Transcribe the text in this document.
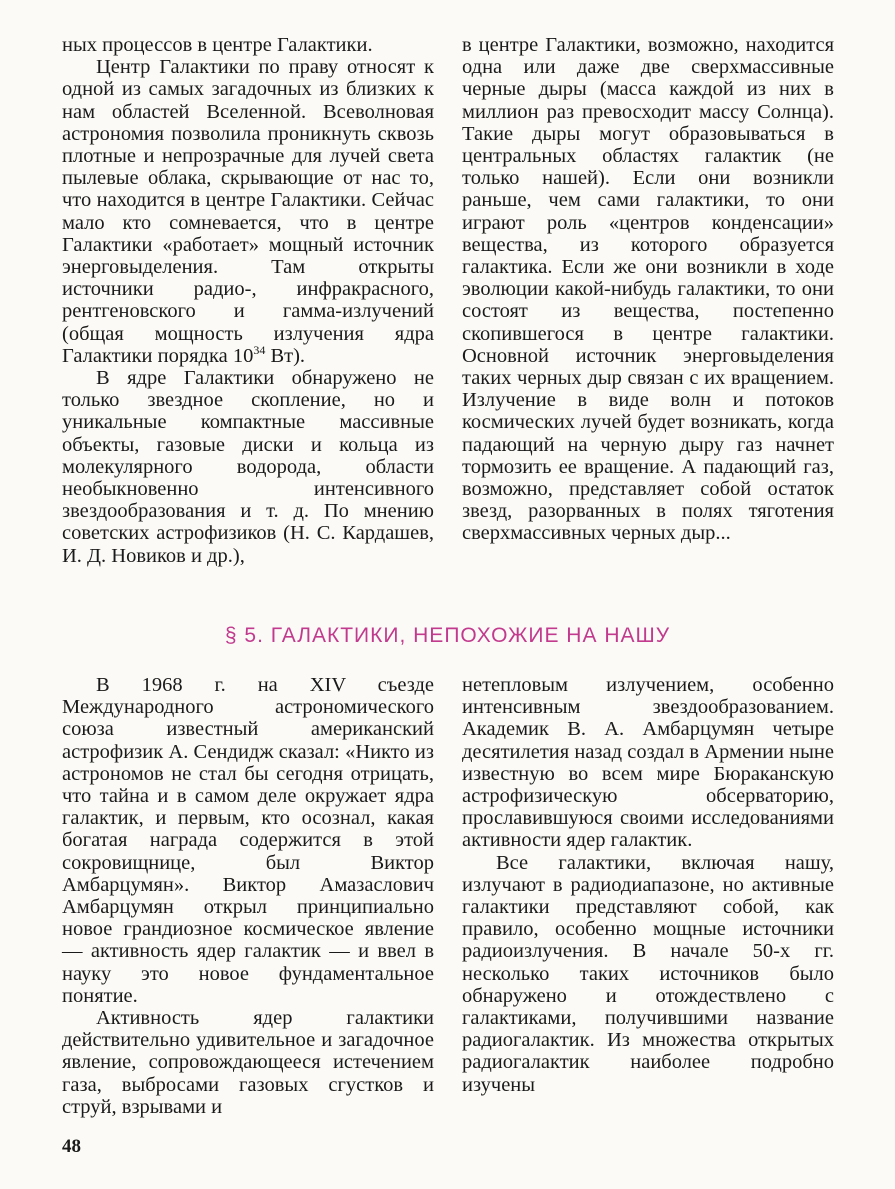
ных процессов в центре Галактики.

Центр Галактики по праву относят к одной из самых загадочных из близких к нам областей Вселенной. Всеволновая астрономия позволила проникнуть сквозь плотные и непрозрачные для лучей света пылевые облака, скрывающие от нас то, что находится в центре Галактики. Сейчас мало кто сомневается, что в центре Галактики «работает» мощный источник энерговыделения. Там открыты источники радио-, инфракрасного, рентгеновского и гамма-излучений (общая мощность излучения ядра Галактики порядка $10^{34}$ Вт).

В ядре Галактики обнаружено не только звездное скопление, но и уникальные компактные массивные объекты, газовые диски и кольца из молекулярного водорода, области необыкновенно интенсивного звездообразования и т. д. По мнению советских астрофизиков (Н. С. Кардашев, И. Д. Новиков и др.),

в центре Галактики, возможно, находится одна или даже две сверхмассивные черные дыры (масса каждой из них в миллион раз превосходит массу Солнца). Такие дыры могут образовываться в центральных областях галактик (не только нашей). Если они возникли раньше, чем сами галактики, то они играют роль «центров конденсации» вещества, из которого образуется галактика. Если же они возникли в ходе эволюции какой-нибудь галактики, то они состоят из вещества, постепенно скопившегося в центре галактики. Основной источник энерговыделения таких черных дыр связан с их вращением. Излучение в виде волн и потоков космических лучей будет возникать, когда падающий на черную дыру газ начнет тормозить ее вращение. А падающий газ, возможно, представляет собой остаток звезд, разорванных в полях тяготения сверхмассивных черных дыр...

§ 5. ГАЛАКТИКИ, НЕПОХОЖИЕ НА НАШУ

В 1968 г. на XIV съезде Международного астрономического союза известный американский астрофизик А. Сендидж сказал: «Никто из астрономов не стал бы сегодня отрицать, что тайна и в самом деле окружает ядра галактик, и первым, кто осознал, какая богатая награда содержится в этой сокровищнице, был Виктор Амбарцумян». Виктор Амазаслович Амбарцумян открыл принципиально новое грандиозное космическое явление — активность ядер галактик — и ввел в науку это новое фундаментальное понятие.

Активность ядер галактики действительно удивительное и загадочное явление, сопровождающееся истечением газа, выбросами газовых сгустков и струй, взрывами и

нетепловым излучением, особенно интенсивным звездообразованием. Академик В. А. Амбарцумян четыре десятилетия назад создал в Армении ныне известную во всем мире Бюраканскую астрофизическую обсерваторию, прославившуюся своими исследованиями активности ядер галактик.

Все галактики, включая нашу, излучают в радиодиапазоне, но активные галактики представляют собой, как правило, особенно мощные источники радиоизлучения. В начале 50-х гг. несколько таких источников было обнаружено и отождествлено с галактиками, получившими название радиогалактик. Из множества открытых радиогалактик наиболее подробно изучены

48
